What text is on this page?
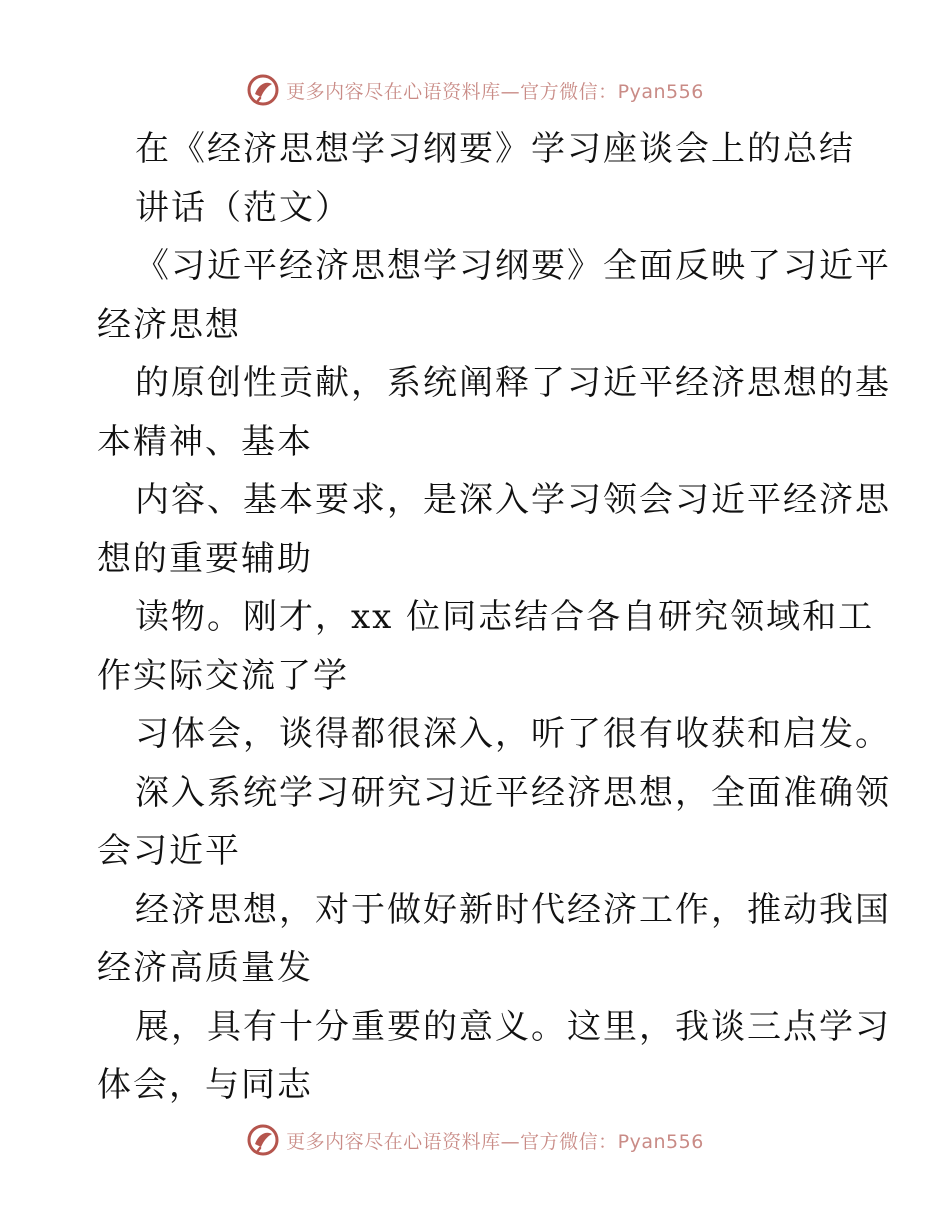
更多内容尽在心语资料库—官方微信：Pyan556
在《经济思想学习纲要》学习座谈会上的总结
讲话（范文）
《习近平经济思想学习纲要》全面反映了习近平
经济思想
的原创性贡献，系统阐释了习近平经济思想的基
本精神、基本
内容、基本要求，是深入学习领会习近平经济思
想的重要辅助
读物。刚才，xx 位同志结合各自研究领域和工
作实际交流了学
习体会，谈得都很深入，听了很有收获和启发。
深入系统学习研究习近平经济思想，全面准确领
会习近平
经济思想，对于做好新时代经济工作，推动我国
经济高质量发
展，具有十分重要的意义。这里，我谈三点学习
体会，与同志
更多内容尽在心语资料库—官方微信：Pyan556
